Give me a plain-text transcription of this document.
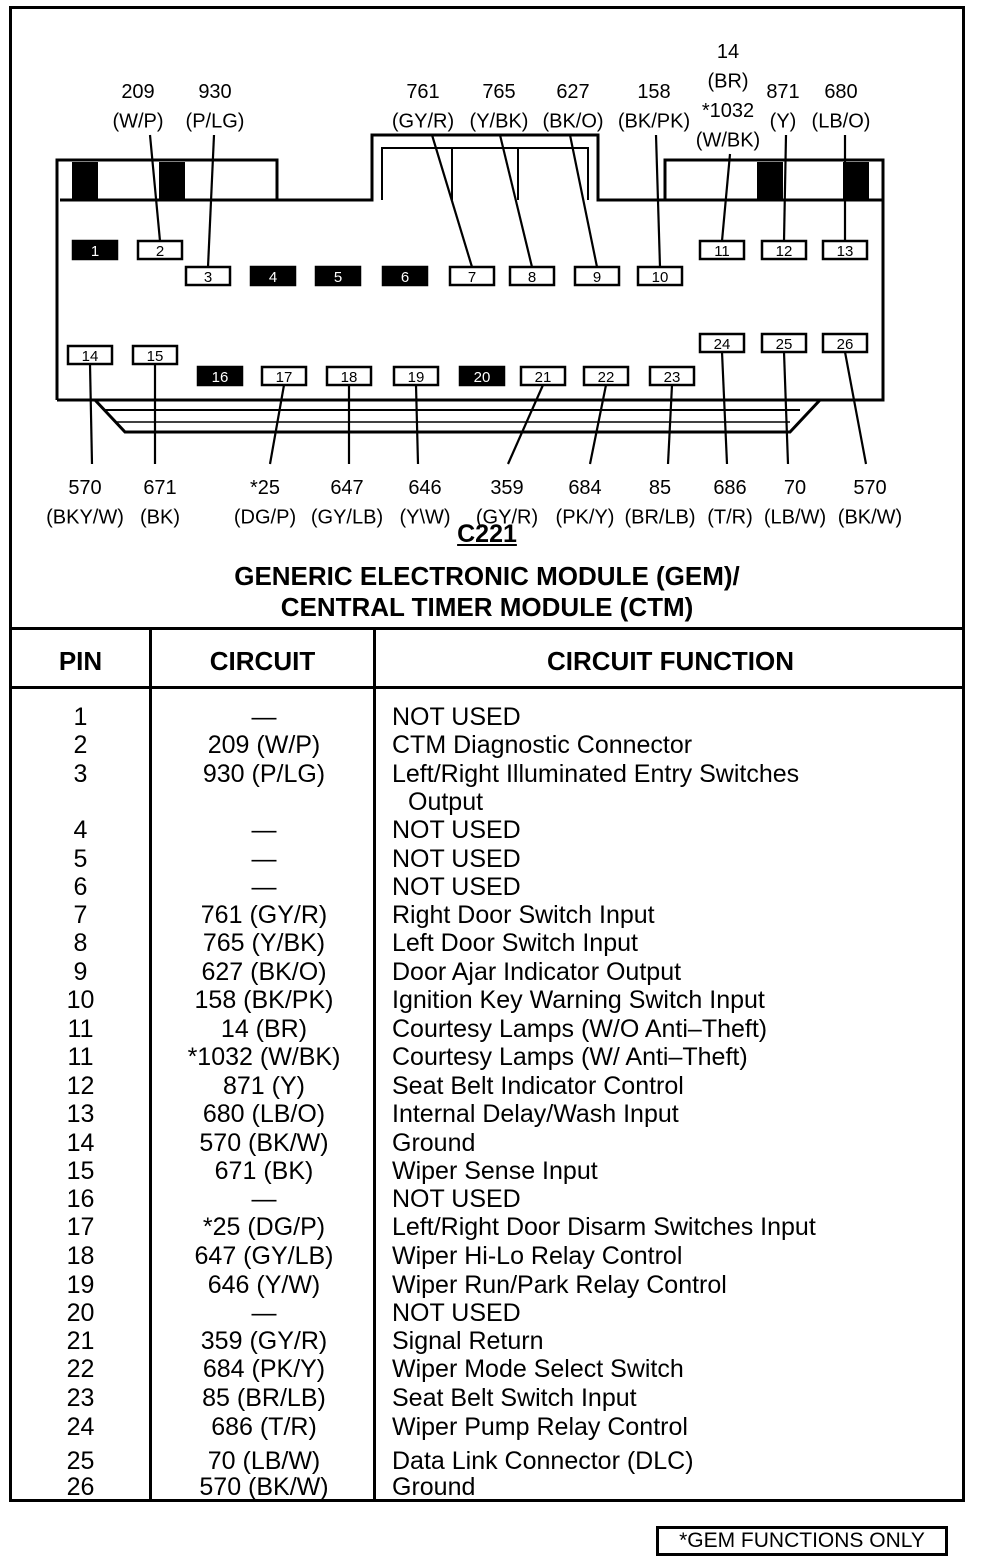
1	2
3	4	5	6	7	8	9	10
11	12	13
14	15
16	17	18	19	20	21	22	23
24	25	26
209 (W/P)
930 (P/LG)
761 (GY/R)
765 (Y/BK)
627 (BK/O)
158 (BK/PK)
14 (BR) *1032 (W/BK)
871 (Y)
680 (LB/O)
570 (BKY/W)
671 (BK)
*25 (DG/P)
647 (GY/LB)
646 (Y\W)
359 (GY/R)
684 (PK/Y)
85 (BR/LB)
686 (T/R)
70 (LB/W)
570 (BK/W)
C221
GENERIC ELECTRONIC MODULE (GEM)/
CENTRAL TIMER MODULE (CTM)
PIN	CIRCUIT	CIRCUIT FUNCTION
1	—	NOT USED
2	209 (W/P)	CTM Diagnostic Connector
3	930 (P/LG)	Left/Right Illuminated Entry Switches
Output
4	—	NOT USED
5	—	NOT USED
6	—	NOT USED
7	761 (GY/R)	Right Door Switch Input
8	765 (Y/BK)	Left Door Switch Input
9	627 (BK/O)	Door Ajar Indicator Output
10	158 (BK/PK)	Ignition Key Warning Switch Input
11	14 (BR)	Courtesy Lamps (W/O Anti–Theft)
11	*1032 (W/BK)	Courtesy Lamps (W/ Anti–Theft)
12	871 (Y)	Seat Belt Indicator Control
13	680 (LB/O)	Internal Delay/Wash Input
14	570 (BK/W)	Ground
15	671 (BK)	Wiper Sense Input
16	—	NOT USED
17	*25 (DG/P)	Left/Right Door Disarm Switches Input
18	647 (GY/LB)	Wiper Hi-Lo Relay Control
19	646 (Y/W)	Wiper Run/Park Relay Control
20	—	NOT USED
21	359 (GY/R)	Signal Return
22	684 (PK/Y)	Wiper Mode Select Switch
23	85 (BR/LB)	Seat Belt Switch Input
24	686 (T/R)	Wiper Pump Relay Control
25	70 (LB/W)	Data Link Connector (DLC)
26	570 (BK/W)	Ground
*GEM FUNCTIONS ONLY
